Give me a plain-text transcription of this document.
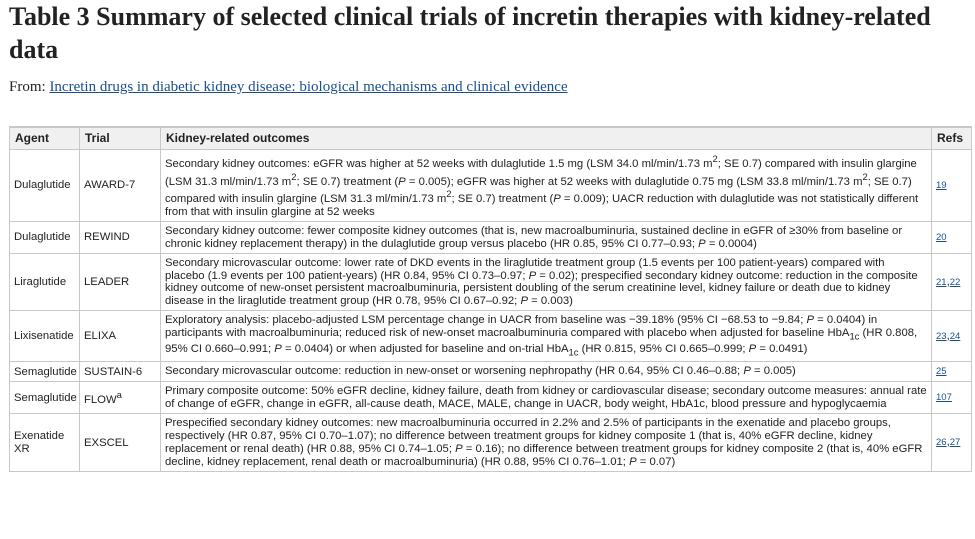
Table 3 Summary of selected clinical trials of incretin therapies with kidney-related data
From: Incretin drugs in diabetic kidney disease: biological mechanisms and clinical evidence
Agent	Trial	Kidney-related outcomes	Refs
Dulaglutide	AWARD-7	Secondary kidney outcomes: eGFR was higher at 52 weeks with dulaglutide 1.5 mg (LSM 34.0 ml/min/1.73 $m^2$; SE 0.7) compared with insulin glargine (LSM 31.3 ml/min/1.73 $m^2$; SE 0.7) treatment (P = 0.005); eGFR was higher at 52 weeks with dulaglutide 0.75 mg (LSM 33.8 ml/min/1.73 $m^2$; SE 0.7) compared with insulin glargine (LSM 31.3 ml/min/1.73 $m^2$; SE 0.7) treatment (P = 0.009); UACR reduction with dulaglutide was not statistically different from that with insulin glargine at 52 weeks	19
Dulaglutide	REWIND	Secondary kidney outcome: fewer composite kidney outcomes (that is, new macroalbuminuria, sustained decline in eGFR of ≥30% from baseline or chronic kidney replacement therapy) in the dulaglutide group versus placebo (HR 0.85, 95% CI 0.77–0.93; P = 0.0004)	20
Liraglutide	LEADER	Secondary microvascular outcome: lower rate of DKD events in the liraglutide treatment group (1.5 events per 100 patient-years) compared with placebo (1.9 events per 100 patient-years) (HR 0.84, 95% CI 0.73–0.97; P = 0.02); prespecified secondary kidney outcome: reduction in the composite kidney outcome of new-onset persistent macroalbuminuria, persistent doubling of the serum creatinine level, kidney failure or death due to kidney disease in the liraglutide treatment group (HR 0.78, 95% CI 0.67–0.92; P = 0.003)	21,22
Lixisenatide	ELIXA	Exploratory analysis: placebo-adjusted LSM percentage change in UACR from baseline was −39.18% (95% CI −68.53 to −9.84; P = 0.0404) in participants with macroalbuminuria; reduced risk of new-onset macroalbuminuria compared with placebo when adjusted for baseline HbA$_{1c}$ (HR 0.808, 95% CI 0.660–0.991; P = 0.0404) or when adjusted for baseline and on-trial HbA$_{1c}$ (HR 0.815, 95% CI 0.665–0.999; P = 0.0491)	23,24
Semaglutide	SUSTAIN-6	Secondary microvascular outcome: reduction in new-onset or worsening nephropathy (HR 0.64, 95% CI 0.46–0.88; P = 0.005)	25
Semaglutide	FLOW$^a$	Primary composite outcome: 50% eGFR decline, kidney failure, death from kidney or cardiovascular disease; secondary outcome measures: annual rate of change of eGFR, change in eGFR, all-cause death, MACE, MALE, change in UACR, body weight, HbA1c, blood pressure and hypoglycaemia	107
Exenatide XR	EXSCEL	Prespecified secondary kidney outcomes: new macroalbuminuria occurred in 2.2% and 2.5% of participants in the exenatide and placebo groups, respectively (HR 0.87, 95% CI 0.70–1.07); no difference between treatment groups for kidney composite 1 (that is, 40% eGFR decline, kidney replacement or renal death) (HR 0.88, 95% CI 0.74–1.05; P = 0.16); no difference between treatment groups for kidney composite 2 (that is, 40% eGFR decline, kidney replacement, renal death or macroalbuminuria) (HR 0.88, 95% CI 0.76–1.01; P = 0.07)	26,27
